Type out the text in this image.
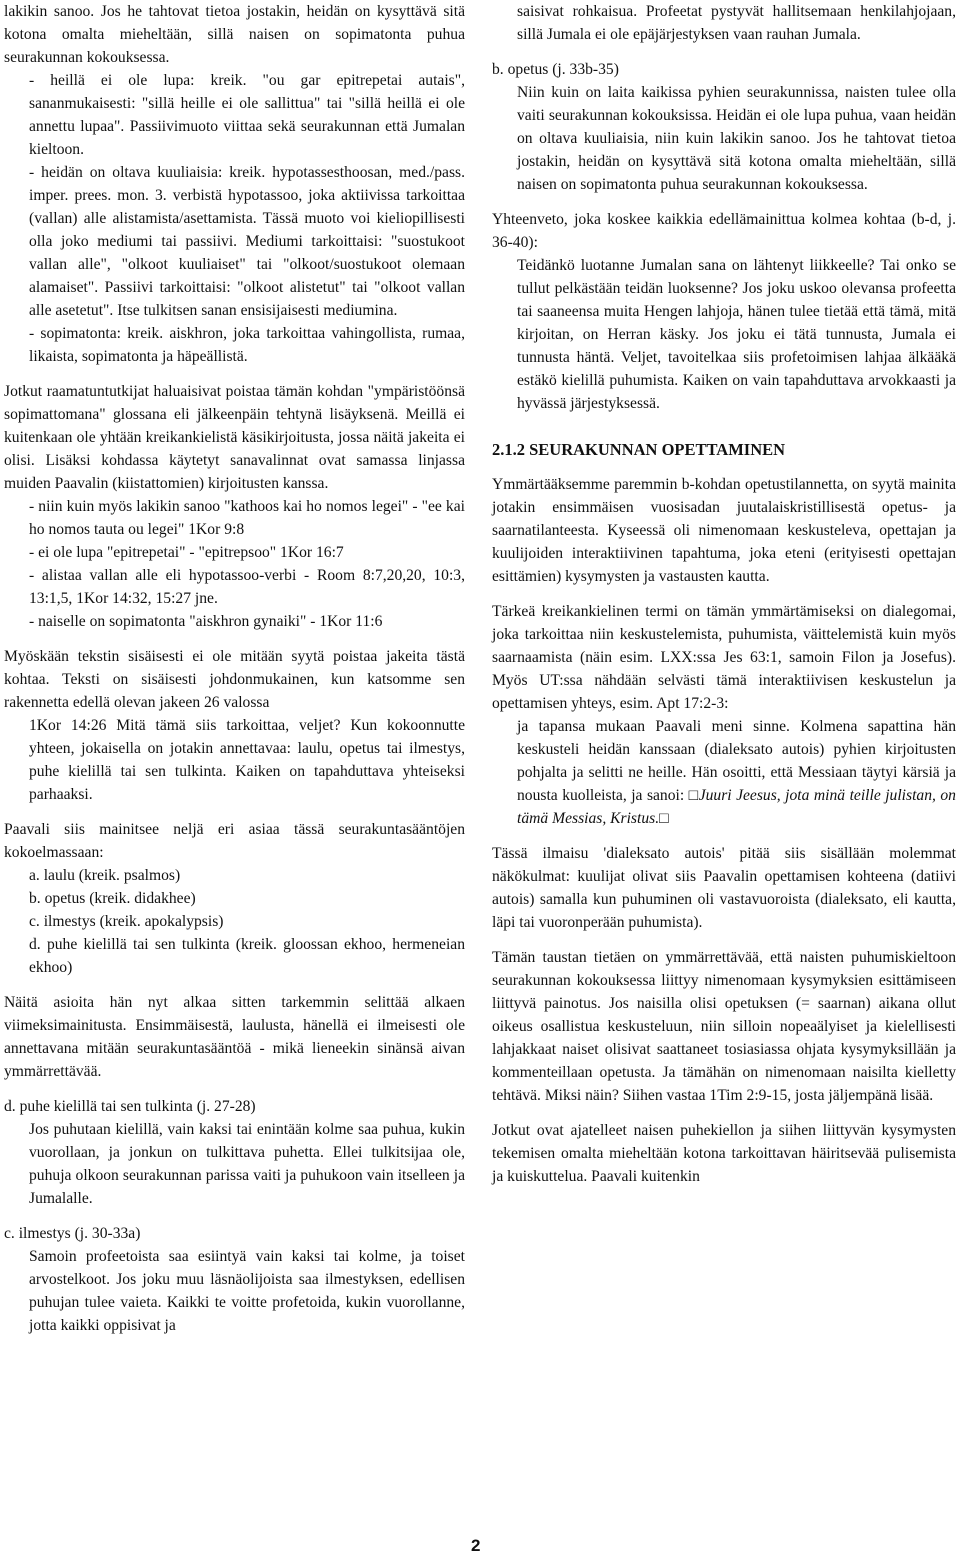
lakikin sanoo. Jos he tahtovat tietoa jostakin, heidän on kysyttävä sitä kotona omalta mieheltään, sillä naisen on sopimatonta puhua seurakunnan kokouksessa.

- heillä ei ole lupa: kreik. "ou gar epitrepetai autais", sananmukaisesti: "sillä heille ei ole sallittua" tai "sillä heillä ei ole annettu lupaa". Passiivimuoto viittaa sekä seurakunnan että Jumalan kieltoon.

- heidän on oltava kuuliaisia: kreik. hypotassesthoosan, med./pass. imper. prees. mon. 3. verbistä hypotassoo, joka aktiivissa tarkoittaa (vallan) alle alistamista/asettamista. Tässä muoto voi kieliopillisesti olla joko mediumi tai passiivi. Mediumi tarkoittaisi: "suostukoot vallan alle", "olkoot kuuliaiset" tai "olkoot/suostukoot olemaan alamaiset". Passiivi tarkoittaisi: "olkoot alistetut" tai "olkoot vallan alle asetetut". Itse tulkitsen sanan ensisijaisesti mediumina.

- sopimatonta: kreik. aiskhron, joka tarkoittaa vahingollista, rumaa, likaista, sopimatonta ja häpeällistä.

Jotkut raamatuntutkijat haluaisivat poistaa tämän kohdan "ympäristöönsä sopimattomana" glossana eli jälkeenpäin tehtynä lisäyksenä. Meillä ei kuitenkaan ole yhtään kreikankielistä käsikirjoitusta, jossa näitä jakeita ei olisi. Lisäksi kohdassa käytetyt sanavalinnat ovat samassa linjassa muiden Paavalin (kiistattomien) kirjoitusten kanssa.

- niin kuin myös lakikin sanoo "kathoos kai ho nomos legei" - "ee kai ho nomos tauta ou legei" 1Kor 9:8

- ei ole lupa "epitrepetai" - "epitrepsoo" 1Kor 16:7

- alistaa vallan alle eli hypotassoo-verbi - Room 8:7,20,20, 10:3, 13:1,5, 1Kor 14:32, 15:27 jne.

- naiselle on sopimatonta "aiskhron gynaiki" - 1Kor 11:6

Myöskään tekstin sisäisesti ei ole mitään syytä poistaa jakeita tästä kohtaa. Teksti on sisäisesti johdonmukainen, kun katsomme sen rakennetta edellä olevan jakeen 26 valossa

1Kor 14:26 Mitä tämä siis tarkoittaa, veljet? Kun kokoonnutte yhteen, jokaisella on jotakin annettavaa: laulu, opetus tai ilmestys, puhe kielillä tai sen tulkinta. Kaiken on tapahduttava yhteiseksi parhaaksi.

Paavali siis mainitsee neljä eri asiaa tässä seurakuntasääntöjen kokoelmassaan:

a. laulu (kreik. psalmos)

b. opetus (kreik. didakhee)

c. ilmestys (kreik. apokalypsis)

d. puhe kielillä tai sen tulkinta (kreik. gloossan ekhoo, hermeneian ekhoo)

Näitä asioita hän nyt alkaa sitten tarkemmin selittää alkaen viimeksimainitusta. Ensimmäisestä, laulusta, hänellä ei ilmeisesti ole annettavana mitään seurakuntasääntöä - mikä lieneekin sinänsä aivan ymmärrettävää.

d. puhe kielillä tai sen tulkinta (j. 27-28)

Jos puhutaan kielillä, vain kaksi tai enintään kolme saa puhua, kukin vuorollaan, ja jonkun on tulkittava puhetta. Ellei tulkitsijaa ole, puhuja olkoon seurakunnan parissa vaiti ja puhukoon vain itselleen ja Jumalalle.

c. ilmestys (j. 30-33a)

Samoin profeetoista saa esiintyä vain kaksi tai kolme, ja toiset arvostelkoot. Jos joku muu läsnäolijoista saa ilmestyksen, edellisen puhujan tulee vaieta. Kaikki te voitte profetoida, kukin vuorollanne, jotta kaikki oppisivat ja

saisivat rohkaisua. Profeetat pystyvät hallitsemaan henkilahjojaan, sillä Jumala ei ole epäjärjestyksen vaan rauhan Jumala.

b. opetus (j. 33b-35)

Niin kuin on laita kaikissa pyhien seurakunnissa, naisten tulee olla vaiti seurakunnan kokouksissa. Heidän ei ole lupa puhua, vaan heidän on oltava kuuliaisia, niin kuin lakikin sanoo. Jos he tahtovat tietoa jostakin, heidän on kysyttävä sitä kotona omalta mieheltään, sillä naisen on sopimatonta puhua seurakunnan kokouksessa.

Yhteenveto, joka koskee kaikkia edellämainittua kolmea kohtaa (b-d, j. 36-40):

Teidänkö luotanne Jumalan sana on lähtenyt liikkeelle? Tai onko se tullut pelkästään teidän luoksenne? Jos joku uskoo olevansa profeetta tai saaneensa muita Hengen lahjoja, hänen tulee tietää että tämä, mitä kirjoitan, on Herran käsky. Jos joku ei tätä tunnusta, Jumala ei tunnusta häntä. Veljet, tavoitelkaa siis profetoimisen lahjaa älkääkä estäkö kielillä puhumista. Kaiken on vain tapahduttava arvokkaasti ja hyvässä järjestyksessä.

2.1.2 SEURAKUNNAN OPETTAMINEN

Ymmärtääksemme paremmin b-kohdan opetustilannetta, on syytä mainita jotakin ensimmäisen vuosisadan juutalaiskristillisestä opetus- ja saarnatilanteesta. Kyseessä oli nimenomaan keskusteleva, opettajan ja kuulijoiden interaktiivinen tapahtuma, joka eteni (erityisesti opettajan esittämien) kysymysten ja vastausten kautta.

Tärkeä kreikankielinen termi on tämän ymmärtämiseksi on dialegomai, joka tarkoittaa niin keskustelemista, puhumista, väittelemistä kuin myös saarnaamista (näin esim. LXX:ssa Jes 63:1, samoin Filon ja Josefus). Myös UT:ssa nähdään selvästi tämä interaktiivisen keskustelun ja opettamisen yhteys, esim. Apt 17:2-3:

ja tapansa mukaan Paavali meni sinne. Kolmena sapattina hän keskusteli heidän kanssaan (dialeksato autois) pyhien kirjoitusten pohjalta ja selitti ne heille. Hän osoitti, että Messiaan täytyi kärsiä ja nousta kuolleista, ja sanoi: □Juuri Jeesus, jota minä teille julistan, on tämä Messias, Kristus.□

Tässä ilmaisu 'dialeksato autois' pitää siis sisällään molemmat näkökulmat: kuulijat olivat siis Paavalin opettamisen kohteena (datiivi autois) samalla kun puhuminen oli vastavuoroista (dialeksato, eli kautta, läpi tai vuoronperään puhumista).

Tämän taustan tietäen on ymmärrettävää, että naisten puhumiskieltoon seurakunnan kokouksessa liittyy nimenomaan kysymyksien esittämiseen liittyvä painotus. Jos naisilla olisi opetuksen (= saarnan) aikana ollut oikeus osallistua keskusteluun, niin silloin nopeaälyiset ja kielellisesti lahjakkaat naiset olisivat saattaneet tosiasiassa ohjata kysymyksillään ja kommenteillaan opetusta. Ja tämähän on nimenomaan naisilta kielletty tehtävä. Miksi näin? Siihen vastaa 1Tim 2:9-15, josta jäljempänä lisää.

Jotkut ovat ajatelleet naisen puhekiellon ja siihen liittyvän kysymysten tekemisen omalta mieheltään kotona tarkoittavan häiritsevää pulisemista ja kuiskuttelua. Paavali kuitenkin

2
